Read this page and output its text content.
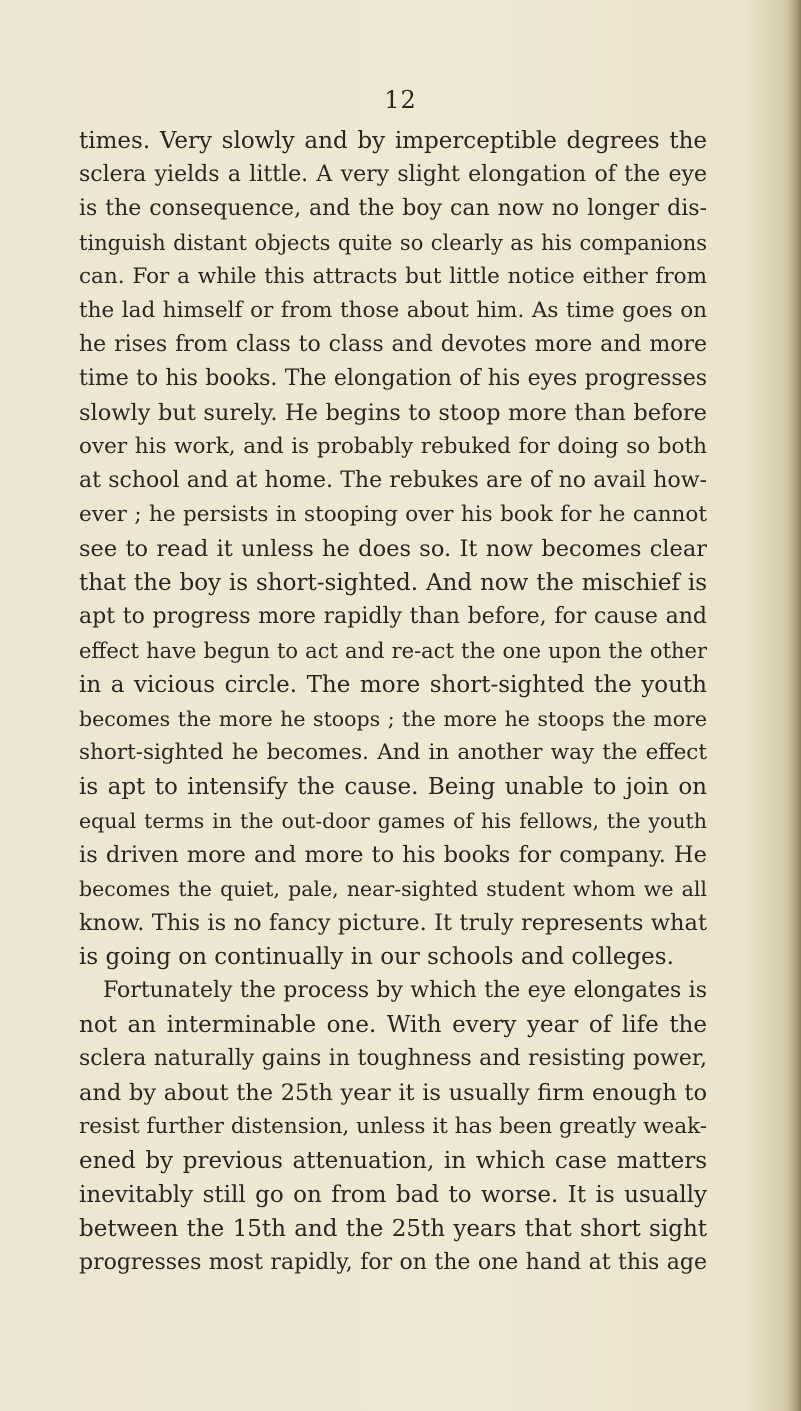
12
times. Very slowly and by imperceptible degrees the
sclera yields a little. A very slight elongation of the eye
is the consequence, and the boy can now no longer dis-
tinguish distant objects quite so clearly as his companions
can. For a while this attracts but little notice either from
the lad himself or from those about him. As time goes on
he rises from class to class and devotes more and more
time to his books. The elongation of his eyes progresses
slowly but surely. He begins to stoop more than before
over his work, and is probably rebuked for doing so both
at school and at home. The rebukes are of no avail how-
ever ; he persists in stooping over his book for he cannot
see to read it unless he does so. It now becomes clear
that the boy is short-sighted. And now the mischief is
apt to progress more rapidly than before, for cause and
effect have begun to act and re-act the one upon the other
in a vicious circle. The more short-sighted the youth
becomes the more he stoops ; the more he stoops the more
short-sighted he becomes. And in another way the effect
is apt to intensify the cause. Being unable to join on
equal terms in the out-door games of his fellows, the youth
is driven more and more to his books for company. He
becomes the quiet, pale, near-sighted student whom we all
know. This is no fancy picture. It truly represents what
is going on continually in our schools and colleges.
Fortunately the process by which the eye elongates is
not an interminable one. With every year of life the
sclera naturally gains in toughness and resisting power,
and by about the 25th year it is usually firm enough to
resist further distension, unless it has been greatly weak-
ened by previous attenuation, in which case matters
inevitably still go on from bad to worse. It is usually
between the 15th and the 25th years that short sight
progresses most rapidly, for on the one hand at this age
